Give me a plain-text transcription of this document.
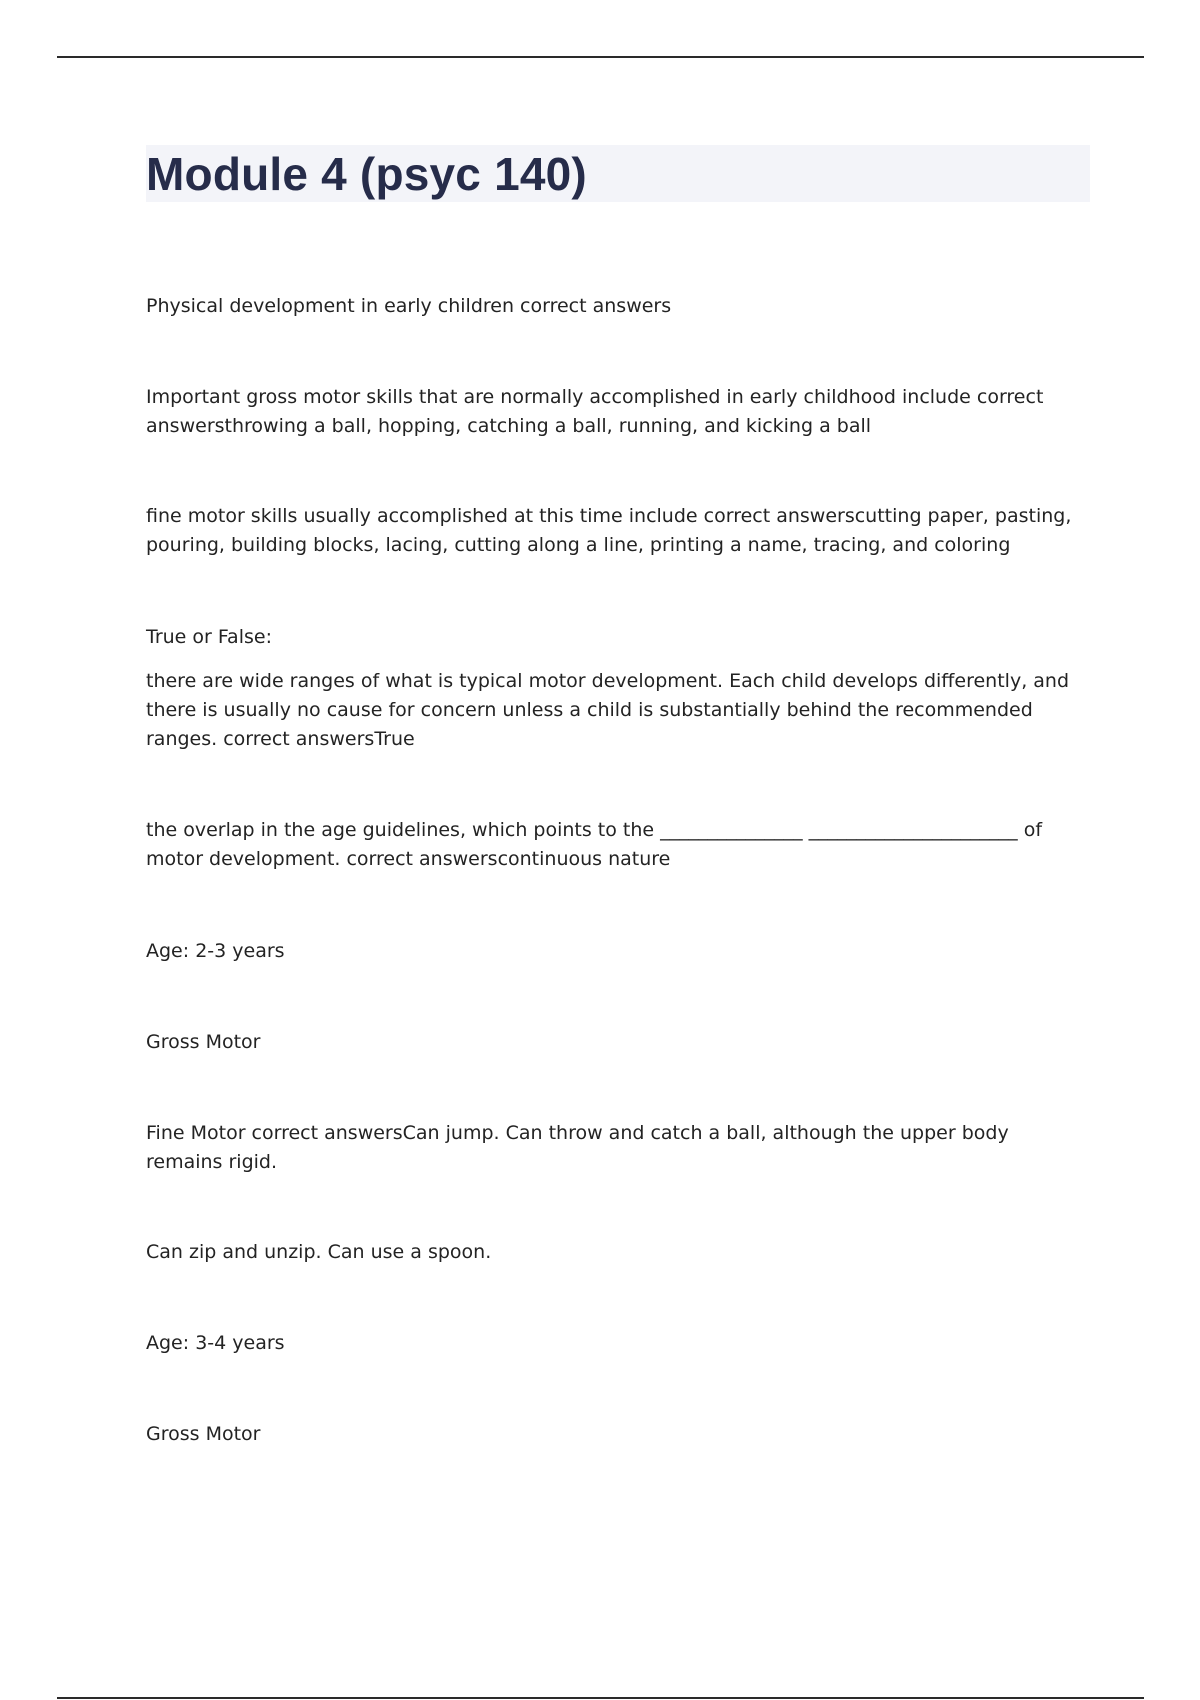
Module 4 (psyc 140)

Physical development in early children correct answers

Important gross motor skills that are normally accomplished in early childhood include correct answersthrowing a ball, hopping, catching a ball, running, and kicking a ball

fine motor skills usually accomplished at this time include correct answerscutting paper, pasting, pouring, building blocks, lacing, cutting along a line, printing a name, tracing, and coloring

True or False:

there are wide ranges of what is typical motor development. Each child develops differently, and there is usually no cause for concern unless a child is substantially behind the recommended ranges. correct answersTrue

the overlap in the age guidelines, which points to the _______________ ______________________ of motor development. correct answerscontinuous nature

Age: 2-3 years

Gross Motor

Fine Motor correct answersCan jump. Can throw and catch a ball, although the upper body remains rigid.

Can zip and unzip. Can use a spoon.

Age: 3-4 years

Gross Motor
